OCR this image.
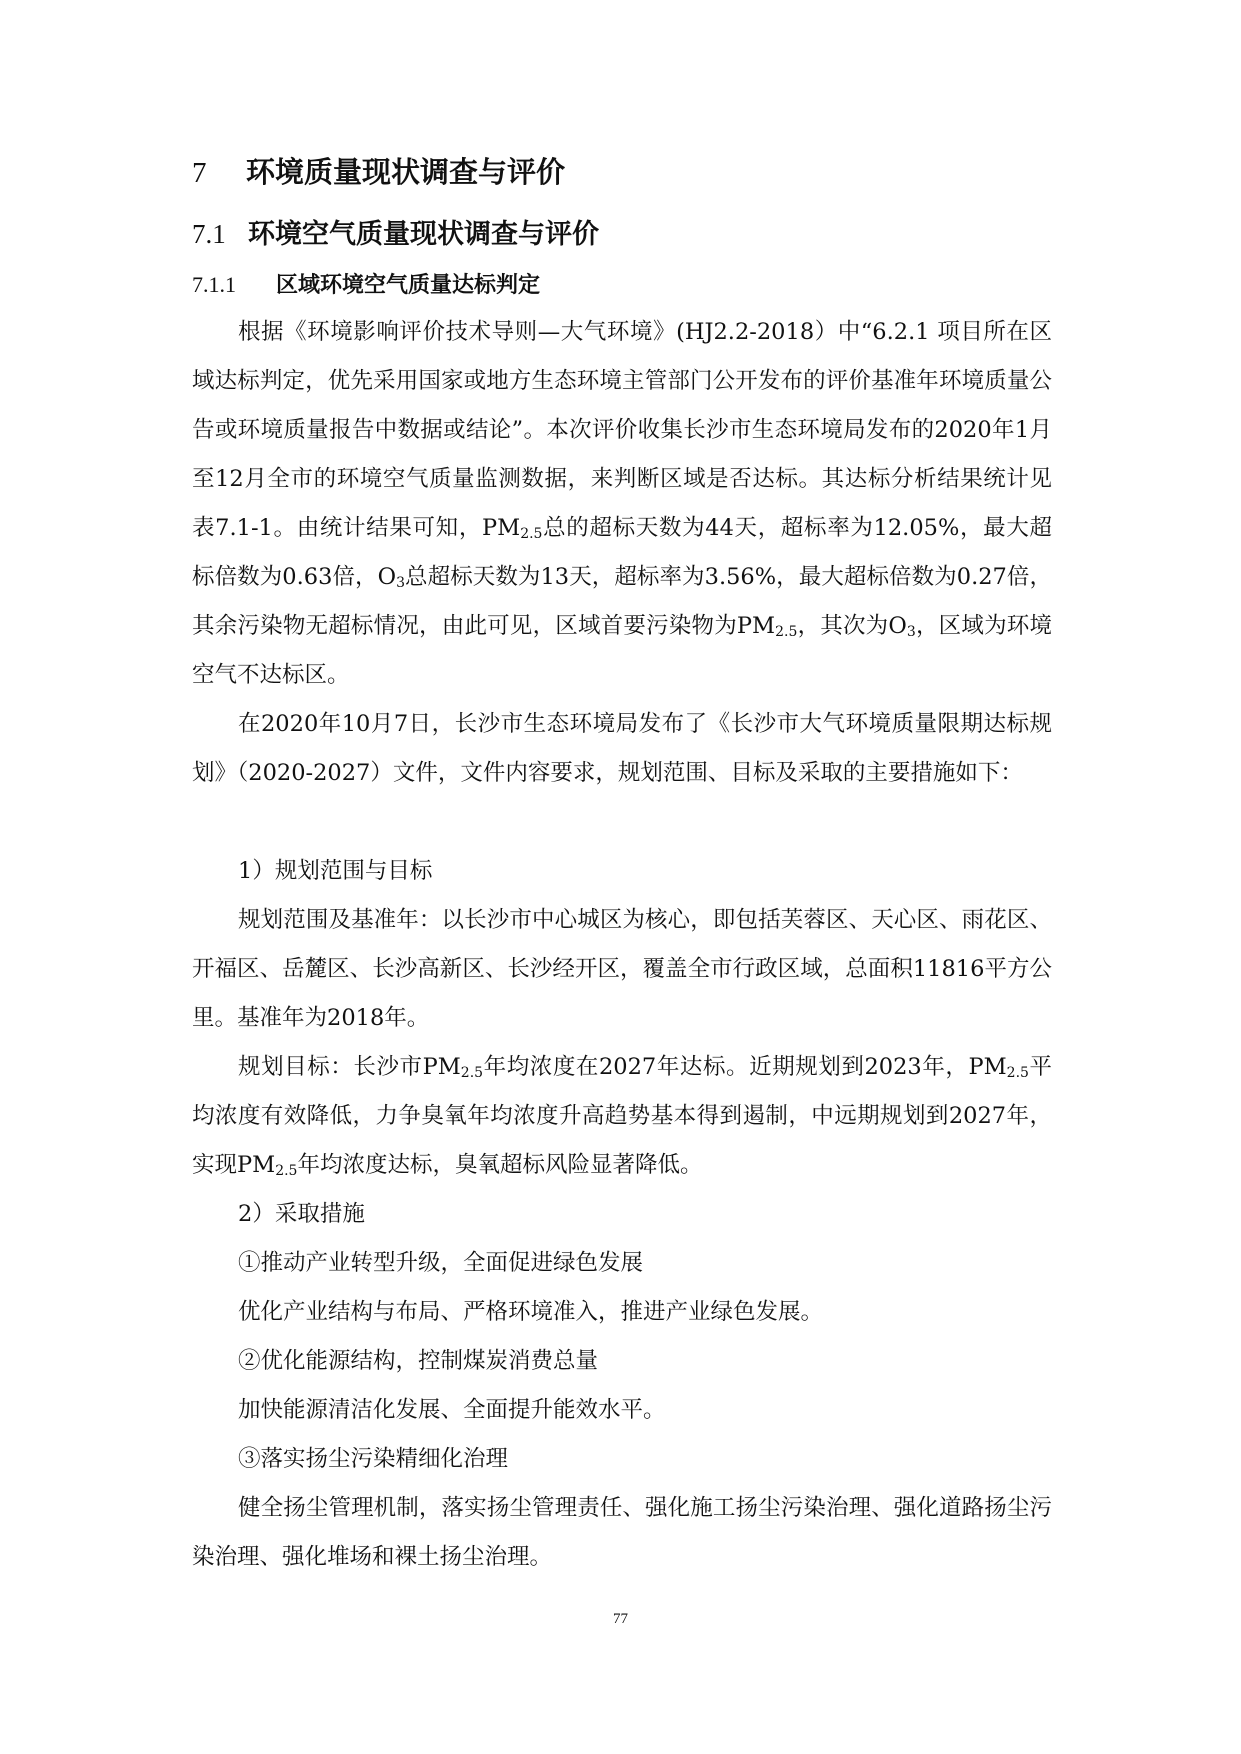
7 环境质量现状调查与评价
7.1 环境空气质量现状调查与评价
7.1.1 区域环境空气质量达标判定

根据《环境影响评价技术导则—大气环境》(HJ2.2-2018）中“6.2.1 项目所在区域达标判定，优先采用国家或地方生态环境主管部门公开发布的评价基准年环境质量公告或环境质量报告中数据或结论”。本次评价收集长沙市生态环境局发布的2020年1月至12月全市的环境空气质量监测数据，来判断区域是否达标。其达标分析结果统计见表7.1-1。由统计结果可知，$PM_{2.5}$总的超标天数为44天，超标率为12.05%，最大超标倍数为0.63倍，$O_3$总超标天数为13天，超标率为3.56%，最大超标倍数为0.27倍，其余污染物无超标情况，由此可见，区域首要污染物为$PM_{2.5}$，其次为$O_3$，区域为环境空气不达标区。

在2020年10月7日，长沙市生态环境局发布了《长沙市大气环境质量限期达标规划》（2020-2027）文件，文件内容要求，规划范围、目标及采取的主要措施如下：

1）规划范围与目标

规划范围及基准年：以长沙市中心城区为核心，即包括芙蓉区、天心区、雨花区、开福区、岳麓区、长沙高新区、长沙经开区，覆盖全市行政区域，总面积11816平方公里。基准年为2018年。

规划目标：长沙市$PM_{2.5}$年均浓度在2027年达标。近期规划到2023年，$PM_{2.5}$平均浓度有效降低，力争臭氧年均浓度升高趋势基本得到遏制，中远期规划到2027年，实现$PM_{2.5}$年均浓度达标，臭氧超标风险显著降低。

2）采取措施

①推动产业转型升级，全面促进绿色发展

优化产业结构与布局、严格环境准入，推进产业绿色发展。

②优化能源结构，控制煤炭消费总量

加快能源清洁化发展、全面提升能效水平。

③落实扬尘污染精细化治理

健全扬尘管理机制，落实扬尘管理责任、强化施工扬尘污染治理、强化道路扬尘污染治理、强化堆场和裸土扬尘治理。

77
